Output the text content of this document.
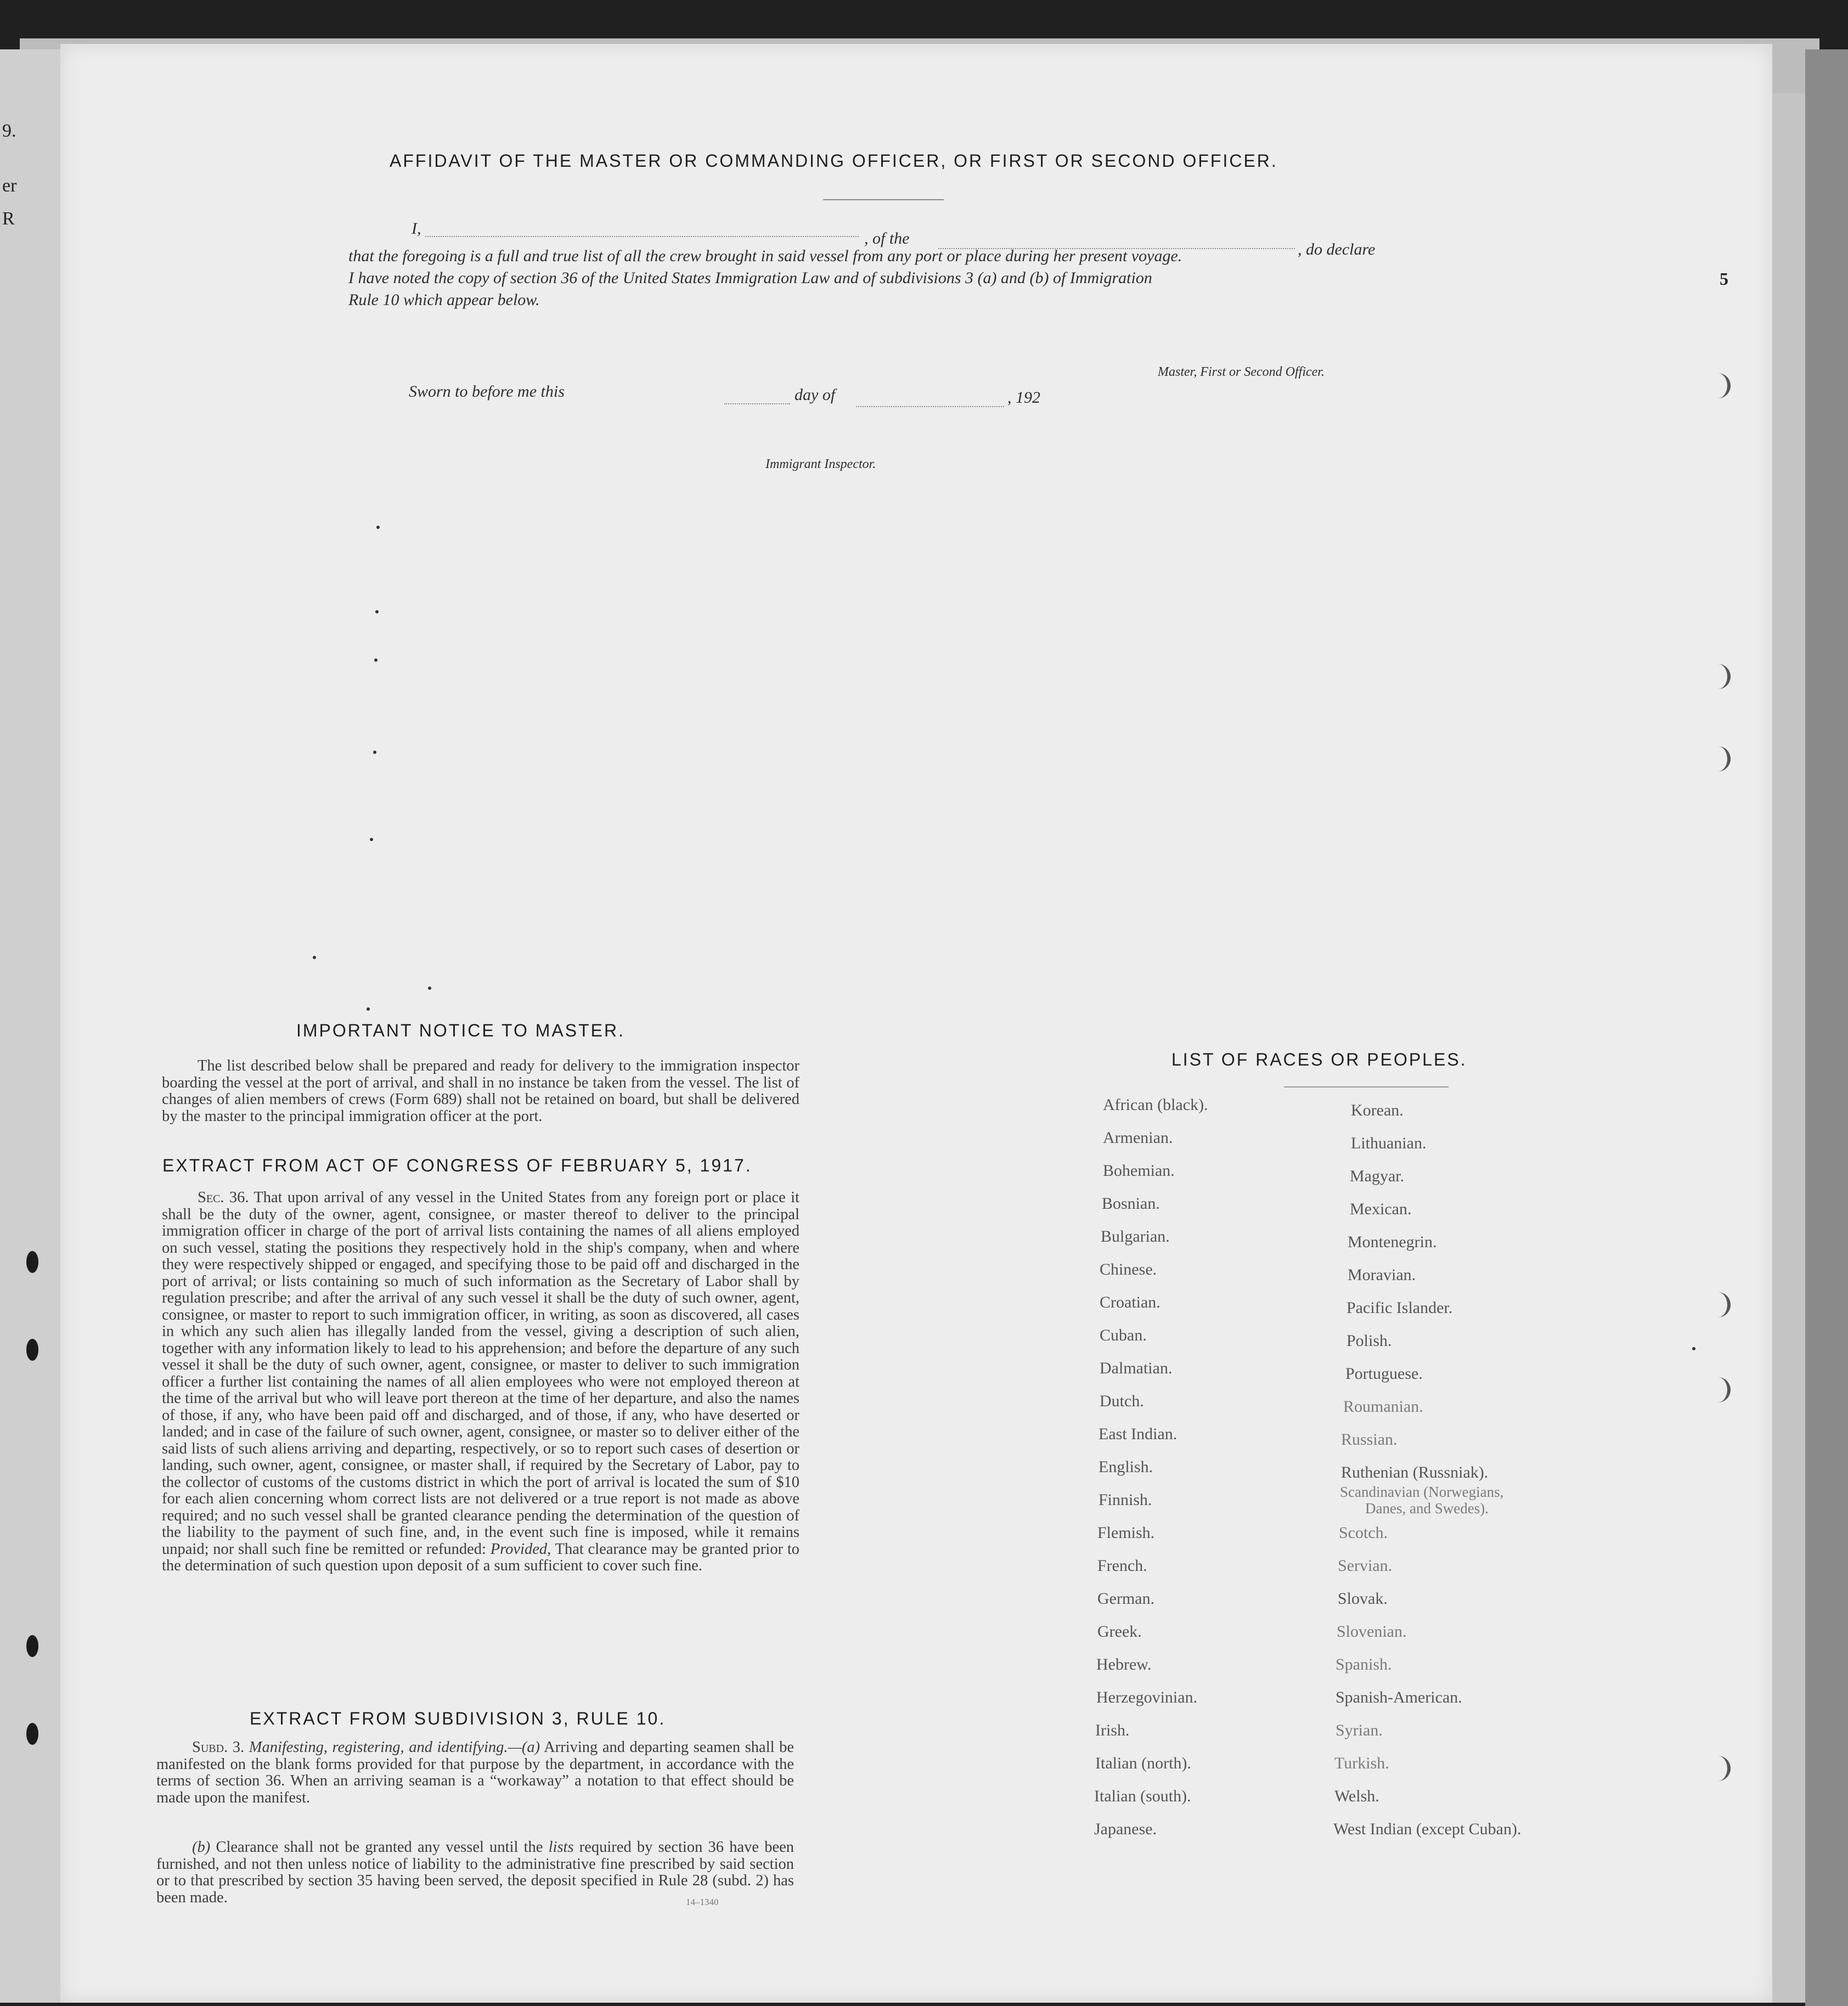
9.
er
R
5
AFFIDAVIT OF THE MASTER OR COMMANDING OFFICER, OR FIRST OR SECOND OFFICER.
I,
, of the
, do declare
that the foregoing is a full and true list of all the crew brought in said vessel from any port or place during her present voyage.
I have noted the copy of section 36 of the United States Immigration Law and of subdivisions 3 (a) and (b) of Immigration
Rule 10 which appear below.
Master, First or Second Officer.
Sworn to before me this	day of	, 192
Immigrant Inspector.
IMPORTANT NOTICE TO MASTER.
The list described below shall be prepared and ready for delivery to the immigration inspector boarding the vessel at the port of arrival, and shall in no instance be taken from the vessel. The list of changes of alien members of crews (Form 689) shall not be retained on board, but shall be delivered by the master to the principal immigration officer at the port.
EXTRACT FROM ACT OF CONGRESS OF FEBRUARY 5, 1917.
Sec. 36. That upon arrival of any vessel in the United States from any foreign port or place it shall be the duty of the owner, agent, consignee, or master thereof to deliver to the principal immigration officer in charge of the port of arrival lists containing the names of all aliens employed on such vessel, stating the positions they respectively hold in the ship's company, when and where they were respectively shipped or engaged, and specifying those to be paid off and discharged in the port of arrival; or lists containing so much of such information as the Secretary of Labor shall by regulation prescribe; and after the arrival of any such vessel it shall be the duty of such owner, agent, consignee, or master to report to such immigration officer, in writing, as soon as discovered, all cases in which any such alien has illegally landed from the vessel, giving a description of such alien, together with any information likely to lead to his apprehension; and before the departure of any such vessel it shall be the duty of such owner, agent, consignee, or master to deliver to such immigration officer a further list containing the names of all alien employees who were not employed thereon at the time of the arrival but who will leave port thereon at the time of her departure, and also the names of those, if any, who have been paid off and discharged, and of those, if any, who have deserted or landed; and in case of the failure of such owner, agent, consignee, or master so to deliver either of the said lists of such aliens arriving and departing, respectively, or so to report such cases of desertion or landing, such owner, agent, consignee, or master shall, if required by the Secretary of Labor, pay to the collector of customs of the customs district in which the port of arrival is located the sum of $10 for each alien concerning whom correct lists are not delivered or a true report is not made as above required; and no such vessel shall be granted clearance pending the determination of the question of the liability to the payment of such fine, and, in the event such fine is imposed, while it remains unpaid; nor shall such fine be remitted or refunded: Provided, That clearance may be granted prior to the determination of such question upon deposit of a sum sufficient to cover such fine.
EXTRACT FROM SUBDIVISION 3, RULE 10.
Subd. 3. Manifesting, registering, and identifying.—(a) Arriving and departing seamen shall be manifested on the blank forms provided for that purpose by the department, in accordance with the terms of section 36. When an arriving seaman is a “workaway” a notation to that effect should be made upon the manifest.
(b) Clearance shall not be granted any vessel until the lists required by section 36 have been furnished, and not then unless notice of liability to the administrative fine prescribed by said section or to that prescribed by section 35 having been served, the deposit specified in Rule 28 (subd. 2) has been made.	14–1340
LIST OF RACES OR PEOPLES.
African (black).
Armenian.
Bohemian.
Bosnian.
Bulgarian.
Chinese.
Croatian.
Cuban.
Dalmatian.
Dutch.
East Indian.
English.
Finnish.
Flemish.
French.
German.
Greek.
Hebrew.
Herzegovinian.
Irish.
Italian (north).
Italian (south).
Japanese.
Korean.
Lithuanian.
Magyar.
Mexican.
Montenegrin.
Moravian.
Pacific Islander.
Polish.
Portuguese.
Roumanian.
Russian.
Ruthenian (Russniak).
Scandinavian (Norwegians,
Danes, and Swedes).
Scotch.
Servian.
Slovak.
Slovenian.
Spanish.
Spanish-American.
Syrian.
Turkish.
Welsh.
West Indian (except Cuban).
